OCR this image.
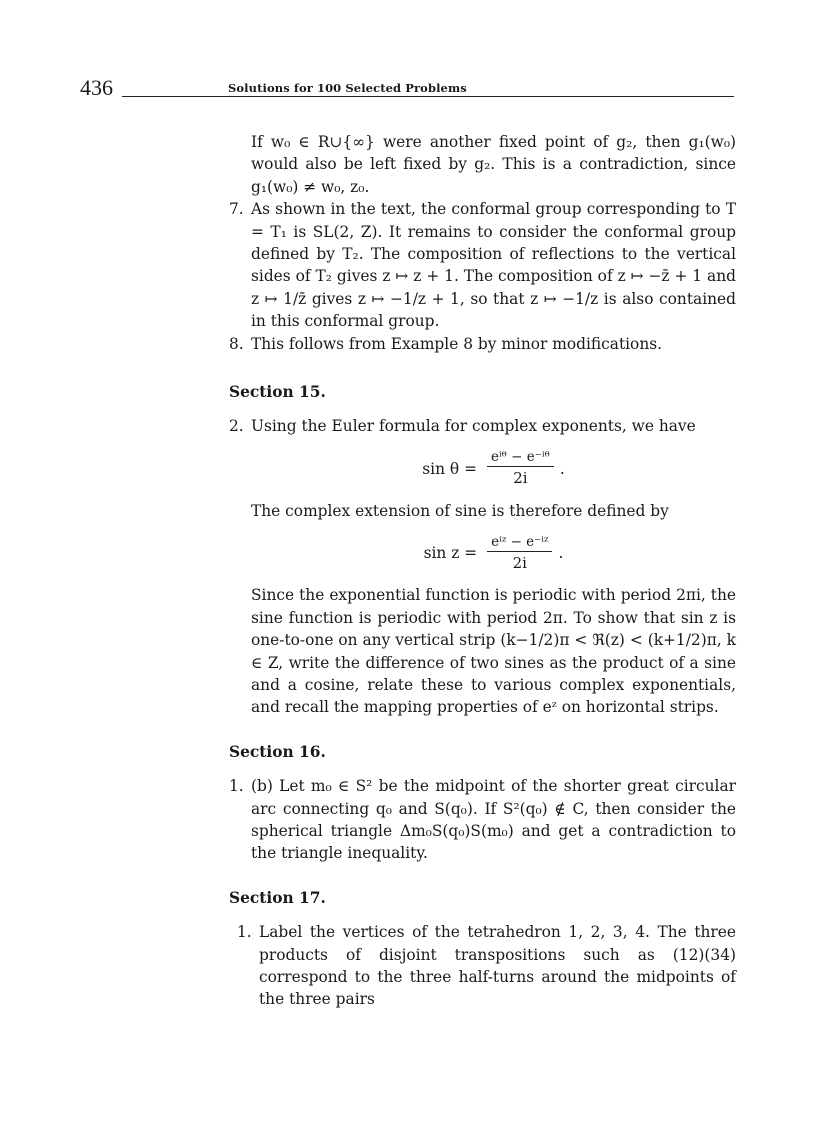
436	Solutions for 100 Selected Problems
If w₀ ∈ R∪{∞} were another fixed point of g₂, then g₁(w₀) would also be left fixed by g₂. This is a contradiction, since g₁(w₀) ≠ w₀, z₀.
7. As shown in the text, the conformal group corresponding to T = T₁ is SL(2, Z). It remains to consider the conformal group defined by T₂. The composition of reflections to the vertical sides of T₂ gives z ↦ z + 1. The composition of z ↦ −z̄ + 1 and z ↦ 1/z̄ gives z ↦ −1/z + 1, so that z ↦ −1/z is also contained in this conformal group.
8. This follows from Example 8 by minor modifications.
Section 15.
2. Using the Euler formula for complex exponents, we have
$\sin \theta = \frac{\text{eⁱᶿ − e⁻ⁱᶿ}}{2i}$ .
The complex extension of sine is therefore defined by
$\sin z = \frac{\text{eⁱᶻ − e⁻ⁱᶻ}}{2i}$ .
Since the exponential function is periodic with period 2πi, the sine function is periodic with period 2π. To show that sin z is one-to-one on any vertical strip (k−1/2)π < ℜ(z) < (k+1/2)π, k ∈ Z, write the difference of two sines as the product of a sine and a cosine, relate these to various complex exponentials, and recall the mapping properties of eᶻ on horizontal strips.
Section 16.
1. (b) Let m₀ ∈ S² be the midpoint of the shorter great circular arc connecting q₀ and S(q₀). If S²(q₀) ∉ C, then consider the spherical triangle Δm₀S(q₀)S(m₀) and get a contradiction to the triangle inequality.
Section 17.
1. Label the vertices of the tetrahedron 1, 2, 3, 4. The three products of disjoint transpositions such as (12)(34) correspond to the three half-turns around the midpoints of the three pairs
